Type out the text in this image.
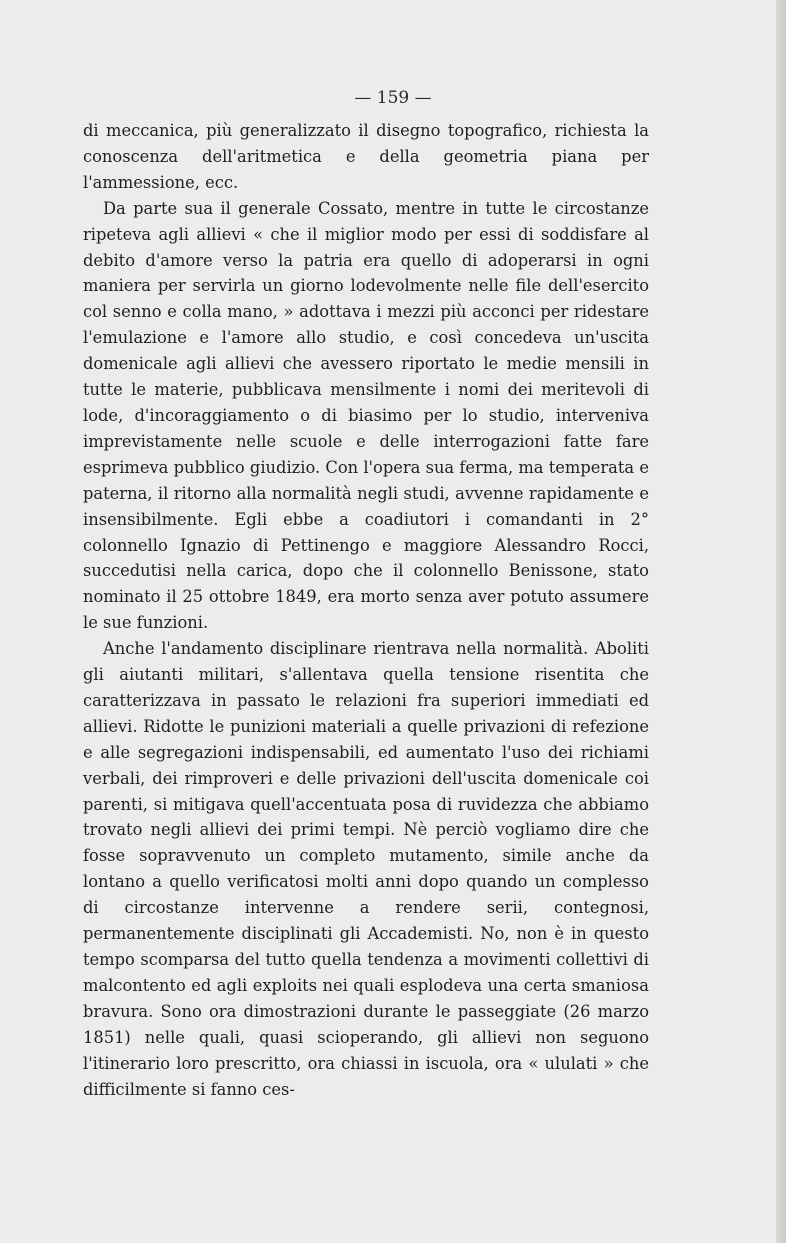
— 159 —

di meccanica, più generalizzato il disegno topografico, richiesta la conoscenza dell'aritmetica e della geometria piana per l'ammessione, ecc.

Da parte sua il generale Cossato, mentre in tutte le circostanze ripeteva agli allievi « che il miglior modo per essi di soddisfare al debito d'amore verso la patria era quello di adoperarsi in ogni maniera per servirla un giorno lodevolmente nelle file dell'esercito col senno e colla mano, » adottava i mezzi più acconci per ridestare l'emulazione e l'amore allo studio, e così concedeva un'uscita domenicale agli allievi che avessero riportato le medie mensili in tutte le materie, pubblicava mensilmente i nomi dei meritevoli di lode, d'incoraggiamento o di biasimo per lo studio, interveniva imprevistamente nelle scuole e delle interrogazioni fatte fare esprimeva pubblico giudizio. Con l'opera sua ferma, ma temperata e paterna, il ritorno alla normalità negli studi, avvenne rapidamente e insensibilmente. Egli ebbe a coadiutori i comandanti in 2° colonnello Ignazio di Pettinengo e maggiore Alessandro Rocci, succedutisi nella carica, dopo che il colonnello Benissone, stato nominato il 25 ottobre 1849, era morto senza aver potuto assumere le sue funzioni.

Anche l'andamento disciplinare rientrava nella normalità. Aboliti gli aiutanti militari, s'allentava quella tensione risentita che caratterizzava in passato le relazioni fra superiori immediati ed allievi. Ridotte le punizioni materiali a quelle privazioni di refezione e alle segregazioni indispensabili, ed aumentato l'uso dei richiami verbali, dei rimproveri e delle privazioni dell'uscita domenicale coi parenti, si mitigava quell'accentuata posa di ruvidezza che abbiamo trovato negli allievi dei primi tempi. Nè perciò vogliamo dire che fosse sopravvenuto un completo mutamento, simile anche da lontano a quello verificatosi molti anni dopo quando un complesso di circostanze intervenne a rendere serii, contegnosi, permanentemente disciplinati gli Accademisti. No, non è in questo tempo scomparsa del tutto quella tendenza a movimenti collettivi di malcontento ed agli exploits nei quali esplodeva una certa smaniosa bravura. Sono ora dimostrazioni durante le passeggiate (26 marzo 1851) nelle quali, quasi scioperando, gli allievi non seguono l'itinerario loro prescritto, ora chiassi in iscuola, ora « ululati » che difficilmente si fanno ces-
